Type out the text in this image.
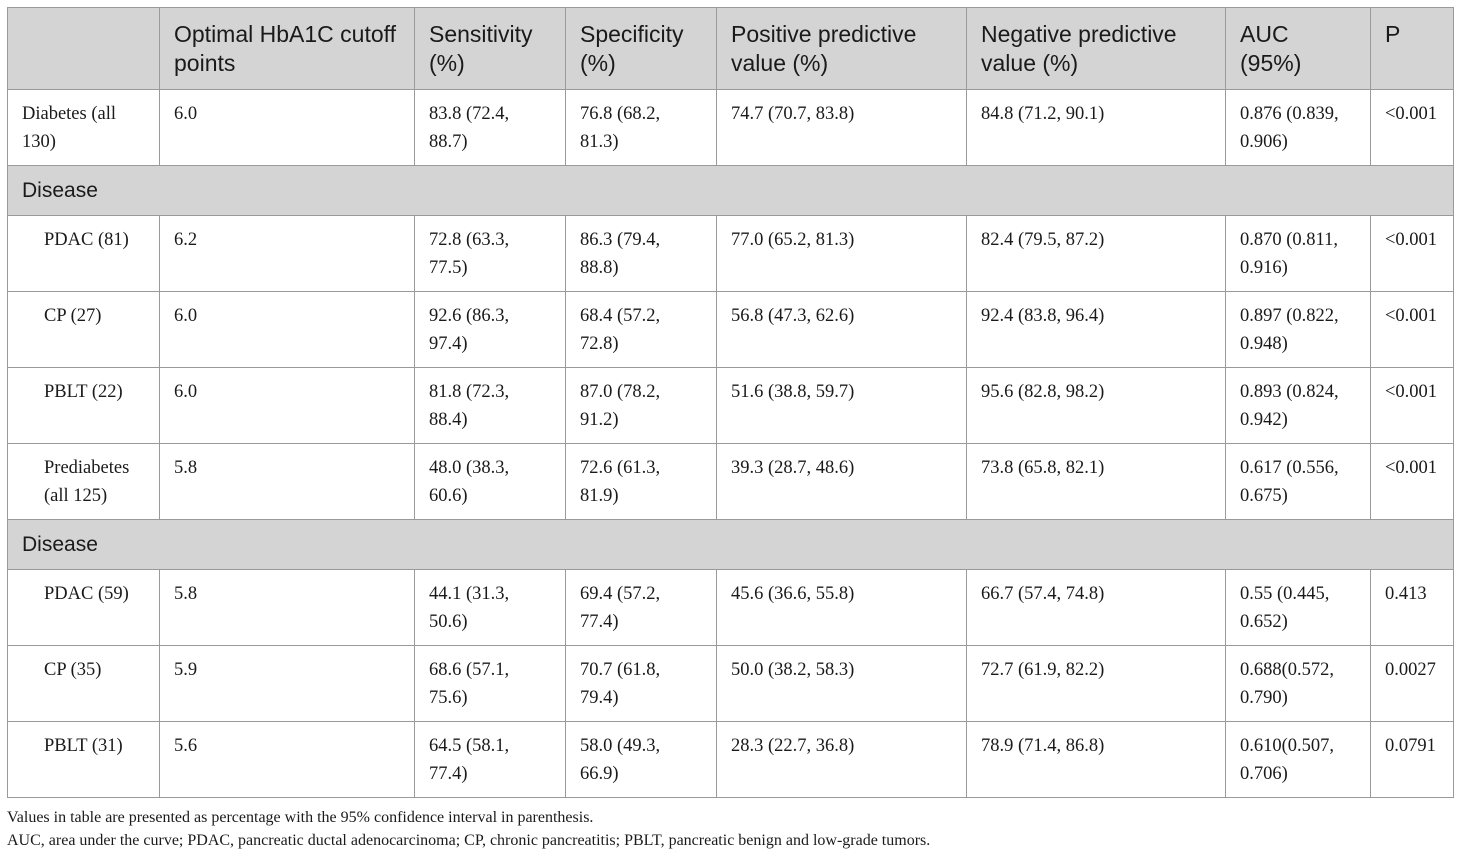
	Optimal HbA1C cutoff points	Sensitivity (%)	Specificity (%)	Positive predictive value (%)	Negative predictive value (%)	AUC (95%)	P
Diabetes (all 130)	6.0	83.8 (72.4, 88.7)	76.8 (68.2, 81.3)	74.7 (70.7, 83.8)	84.8 (71.2, 90.1)	0.876 (0.839, 0.906)	<0.001
Disease							
PDAC (81)	6.2	72.8 (63.3, 77.5)	86.3 (79.4, 88.8)	77.0 (65.2, 81.3)	82.4 (79.5, 87.2)	0.870 (0.811, 0.916)	<0.001
CP (27)	6.0	92.6 (86.3, 97.4)	68.4 (57.2, 72.8)	56.8 (47.3, 62.6)	92.4 (83.8, 96.4)	0.897 (0.822, 0.948)	<0.001
PBLT (22)	6.0	81.8 (72.3, 88.4)	87.0 (78.2, 91.2)	51.6 (38.8, 59.7)	95.6 (82.8, 98.2)	0.893 (0.824, 0.942)	<0.001
Prediabetes (all 125)	5.8	48.0 (38.3, 60.6)	72.6 (61.3, 81.9)	39.3 (28.7, 48.6)	73.8 (65.8, 82.1)	0.617 (0.556, 0.675)	<0.001
Disease							
PDAC (59)	5.8	44.1 (31.3, 50.6)	69.4 (57.2, 77.4)	45.6 (36.6, 55.8)	66.7 (57.4, 74.8)	0.55 (0.445, 0.652)	0.413
CP (35)	5.9	68.6 (57.1, 75.6)	70.7 (61.8, 79.4)	50.0 (38.2, 58.3)	72.7 (61.9, 82.2)	0.688(0.572, 0.790)	0.0027
PBLT (31)	5.6	64.5 (58.1, 77.4)	58.0 (49.3, 66.9)	28.3 (22.7, 36.8)	78.9 (71.4, 86.8)	0.610(0.507, 0.706)	0.0791
Values in table are presented as percentage with the 95% confidence interval in parenthesis.
AUC, area under the curve; PDAC, pancreatic ductal adenocarcinoma; CP, chronic pancreatitis; PBLT, pancreatic benign and low-grade tumors.
